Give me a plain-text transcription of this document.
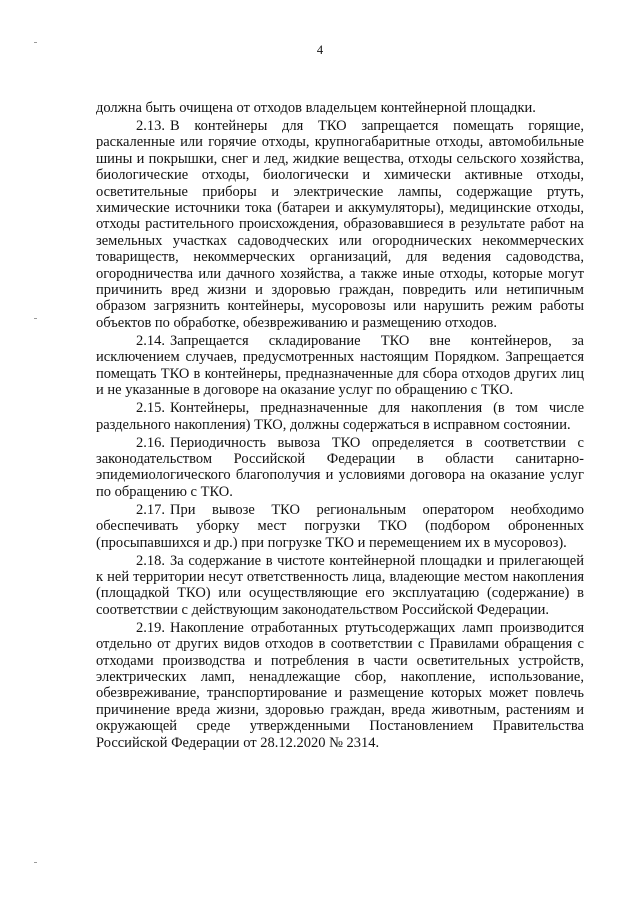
4

должна быть очищена от отходов владельцем контейнерной площадки.

2.13. В контейнеры для ТКО запрещается помещать горящие, раскаленные или горячие отходы, крупногабаритные отходы, автомобильные шины и покрышки, снег и лед, жидкие вещества, отходы сельского хозяйства, биологические отходы, биологически и химически активные отходы, осветительные приборы и электрические лампы, содержащие ртуть, химические источники тока (батареи и аккумуляторы), медицинские отходы, отходы растительного происхождения, образовавшиеся в результате работ на земельных участках садоводческих или огороднических некоммерческих товариществ, некоммерческих организаций, для ведения садоводства, огородничества или дачного хозяйства, а также иные отходы, которые могут причинить вред жизни и здоровью граждан, повредить или нетипичным образом загрязнить контейнеры, мусоровозы или нарушить режим работы объектов по обработке, обезвреживанию и размещению отходов.

2.14. Запрещается складирование ТКО вне контейнеров, за исключением случаев, предусмотренных настоящим Порядком. Запрещается помещать ТКО в контейнеры, предназначенные для сбора отходов других лиц и не указанные в договоре на оказание услуг по обращению с ТКО.

2.15. Контейнеры, предназначенные для накопления (в том числе раздельного накопления) ТКО, должны содержаться в исправном состоянии.

2.16. Периодичность вывоза ТКО определяется в соответствии с законодательством Российской Федерации в области санитарно-эпидемиологического благополучия и условиями договора на оказание услуг по обращению с ТКО.

2.17. При вывозе ТКО региональным оператором необходимо обеспечивать уборку мест погрузки ТКО (подбором оброненных (просыпавшихся и др.) при погрузке ТКО и перемещением их в мусоровоз).

2.18. За содержание в чистоте контейнерной площадки и прилегающей к ней территории несут ответственность лица, владеющие местом накопления (площадкой ТКО) или осуществляющие его эксплуатацию (содержание) в соответствии с действующим законодательством Российской Федерации.

2.19. Накопление отработанных ртутьсодержащих ламп производится отдельно от других видов отходов в соответствии с Правилами обращения с отходами производства и потребления в части осветительных устройств, электрических ламп, ненадлежащие сбор, накопление, использование, обезвреживание, транспортирование и размещение которых может повлечь причинение вреда жизни, здоровью граждан, вреда животным, растениям и окружающей среде утвержденными Постановлением Правительства Российской Федерации от 28.12.2020 № 2314.
